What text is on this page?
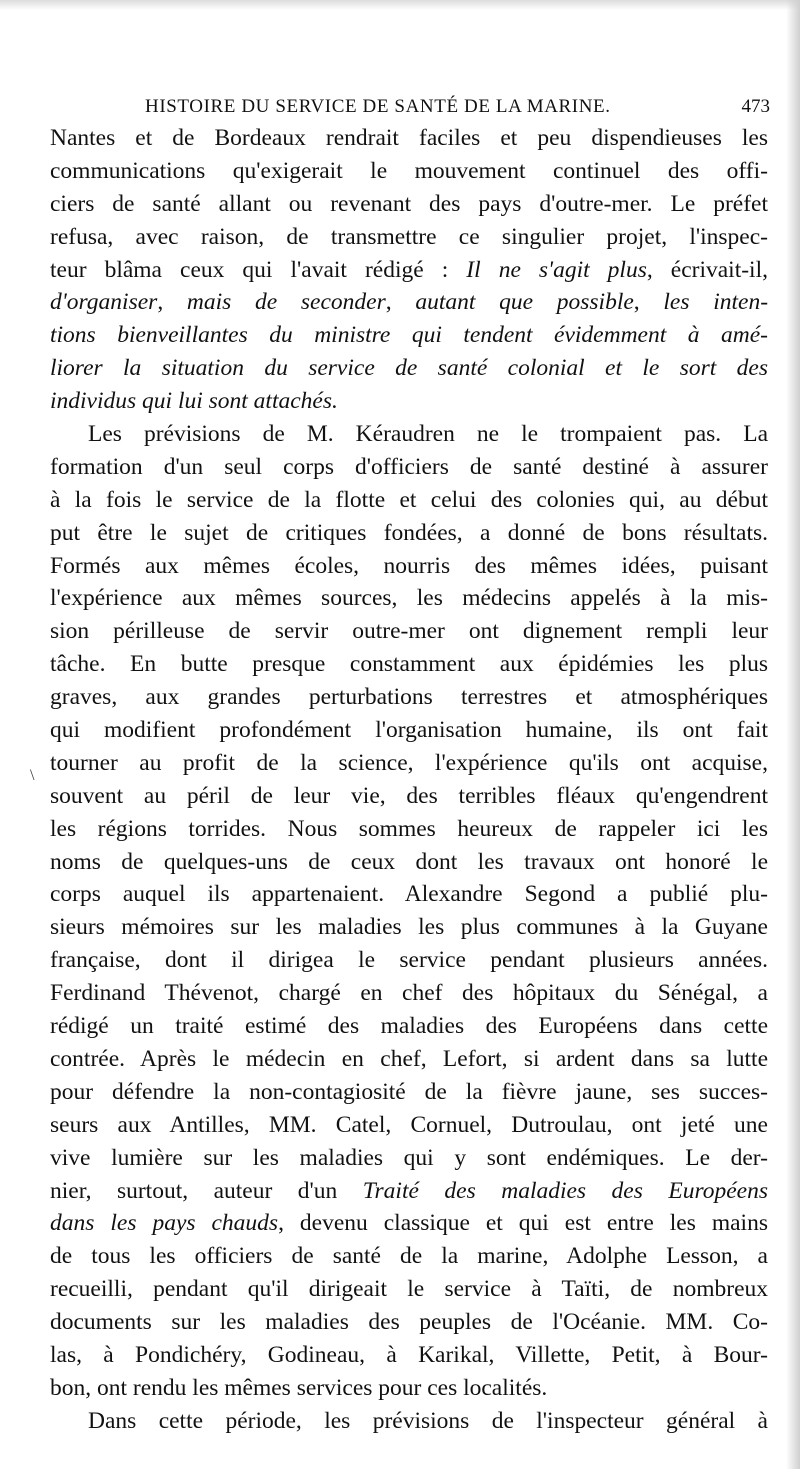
HISTOIRE DU SERVICE DE SANTÉ DE LA MARINE.	473
\
Nantes et de Bordeaux rendrait faciles et peu dispendieuses les
communications qu'exigerait le mouvement continuel des offi-
ciers de santé allant ou revenant des pays d'outre-mer. Le préfet
refusa, avec raison, de transmettre ce singulier projet, l'inspec-
teur blâma ceux qui l'avait rédigé : Il ne s'agit plus, écrivait-il,
d'organiser, mais de seconder, autant que possible, les inten-
tions bienveillantes du ministre qui tendent évidemment à amé-
liorer la situation du service de santé colonial et le sort des
individus qui lui sont attachés.
Les prévisions de M. Kéraudren ne le trompaient pas. La
formation d'un seul corps d'officiers de santé destiné à assurer
à la fois le service de la flotte et celui des colonies qui, au début
put être le sujet de critiques fondées, a donné de bons résultats.
Formés aux mêmes écoles, nourris des mêmes idées, puisant
l'expérience aux mêmes sources, les médecins appelés à la mis-
sion périlleuse de servir outre-mer ont dignement rempli leur
tâche. En butte presque constamment aux épidémies les plus
graves, aux grandes perturbations terrestres et atmosphériques
qui modifient profondément l'organisation humaine, ils ont fait
tourner au profit de la science, l'expérience qu'ils ont acquise,
souvent au péril de leur vie, des terribles fléaux qu'engendrent
les régions torrides. Nous sommes heureux de rappeler ici les
noms de quelques-uns de ceux dont les travaux ont honoré le
corps auquel ils appartenaient. Alexandre Segond a publié plu-
sieurs mémoires sur les maladies les plus communes à la Guyane
française, dont il dirigea le service pendant plusieurs années.
Ferdinand Thévenot, chargé en chef des hôpitaux du Sénégal, a
rédigé un traité estimé des maladies des Européens dans cette
contrée. Après le médecin en chef, Lefort, si ardent dans sa lutte
pour défendre la non-contagiosité de la fièvre jaune, ses succes-
seurs aux Antilles, MM. Catel, Cornuel, Dutroulau, ont jeté une
vive lumière sur les maladies qui y sont endémiques. Le der-
nier, surtout, auteur d'un Traité des maladies des Européens
dans les pays chauds, devenu classique et qui est entre les mains
de tous les officiers de santé de la marine, Adolphe Lesson, a
recueilli, pendant qu'il dirigeait le service à Taïti, de nombreux
documents sur les maladies des peuples de l'Océanie. MM. Co-
las, à Pondichéry, Godineau, à Karikal, Villette, Petit, à Bour-
bon, ont rendu les mêmes services pour ces localités.
Dans cette période, les prévisions de l'inspecteur général à
